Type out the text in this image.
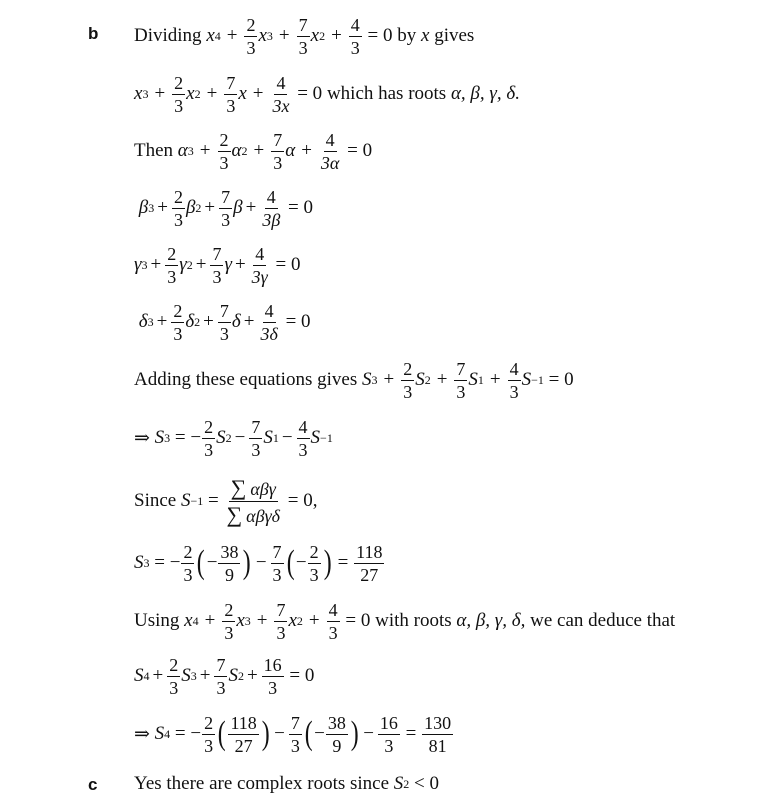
b Dividing
x $4 + \frac{2}{3}$ x $3 + \frac{7}{3}$ x $2 + \frac{4}{3}$
= 0
by
x
gives
x $3 + \frac{2}{3}$ x $2 + \frac{7}{3}$ $x + \frac{4}{3x}$
= 0
which has roots
α, β, γ, δ.
Then
α $3 + \frac{2}{3}$ α $2 + \frac{7}{3}$ $\alpha + \frac{4}{3\alpha}$
= 0

β $3 + \frac{2}{3}$ β $2 + \frac{7}{3}$ $\beta + \frac{4}{3\beta}$
= 0
γ $3 + \frac{2}{3}$ γ $2 + \frac{7}{3}$ $\gamma + \frac{4}{3\gamma}$
= 0

δ $3 + \frac{2}{3}$ δ $2 + \frac{7}{3}$ $\delta + \frac{4}{3\delta}$
= 0
Adding these equations gives
S $3 + \frac{2}{3}$ S $2 + \frac{7}{3}$ S $1 + \frac{4}{3}$ S −1
= 0
⇒
S 3
= − $\frac{2}{3}$ S $2 - \frac{7}{3}$ S $1 - \frac{4}{3}$ S −1
Since
S −1
=
$\frac{\text{∑ αβγ}}{\text{∑ αβγδ}}$
= 0,
S 3
= − $\frac{2}{3}$ ( − $\frac{38}{9}$ ) − $\frac{7}{3}$ ( − $\frac{2}{3}$ )
=
$\frac{118}{27}$
Using
x $4 + \frac{2}{3}$ x $3 + \frac{7}{3}$ x $2 + \frac{4}{3}$
= 0
with roots
α, β, γ, δ,
we can deduce that
S $4 + \frac{2}{3}$ S $3 + \frac{7}{3}$ S $2 + \frac{16}{3}$
= 0
⇒
S 4
= − $\frac{2}{3}$ ( $\frac{118}{27}$ ) − $\frac{7}{3}$ ( − $\frac{38}{9}$ ) − $\frac{16}{3}$
=
$\frac{130}{81}$
c Yes there are complex roots since
S 2
< 0
